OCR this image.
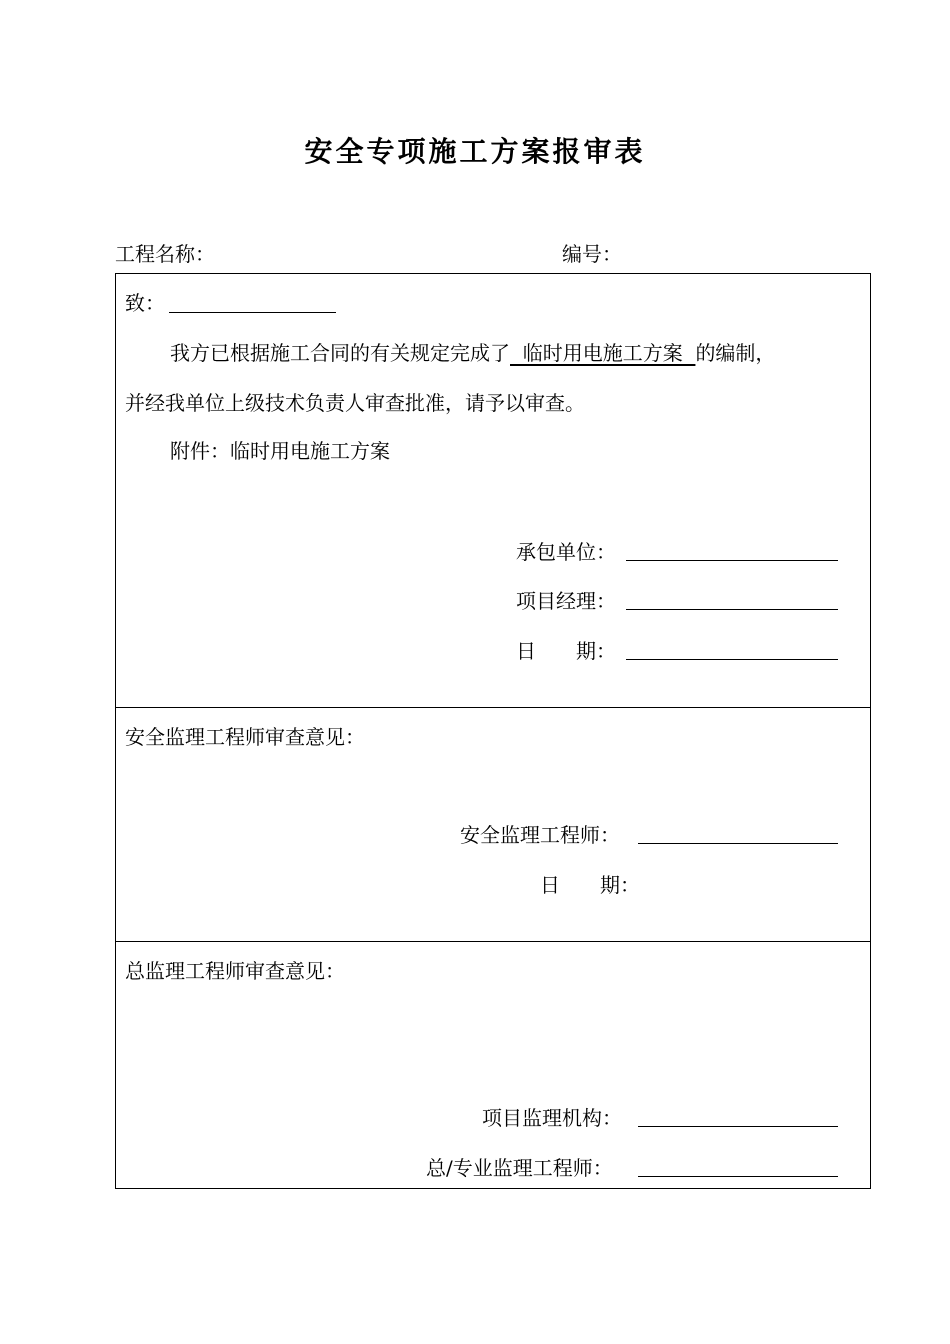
安全专项施工方案报审表
工程名称：	编号：
致：
我方已根据施工合同的有关规定完成了  临时用电施工方案  的编制，
并经我单位上级技术负责人审查批准，请予以审查。
附件：临时用电施工方案
承包单位：
项目经理：
日　　期：
安全监理工程师审查意见：
安全监理工程师：
日　　期：
总监理工程师审查意见：
项目监理机构：
总/专业监理工程师：
